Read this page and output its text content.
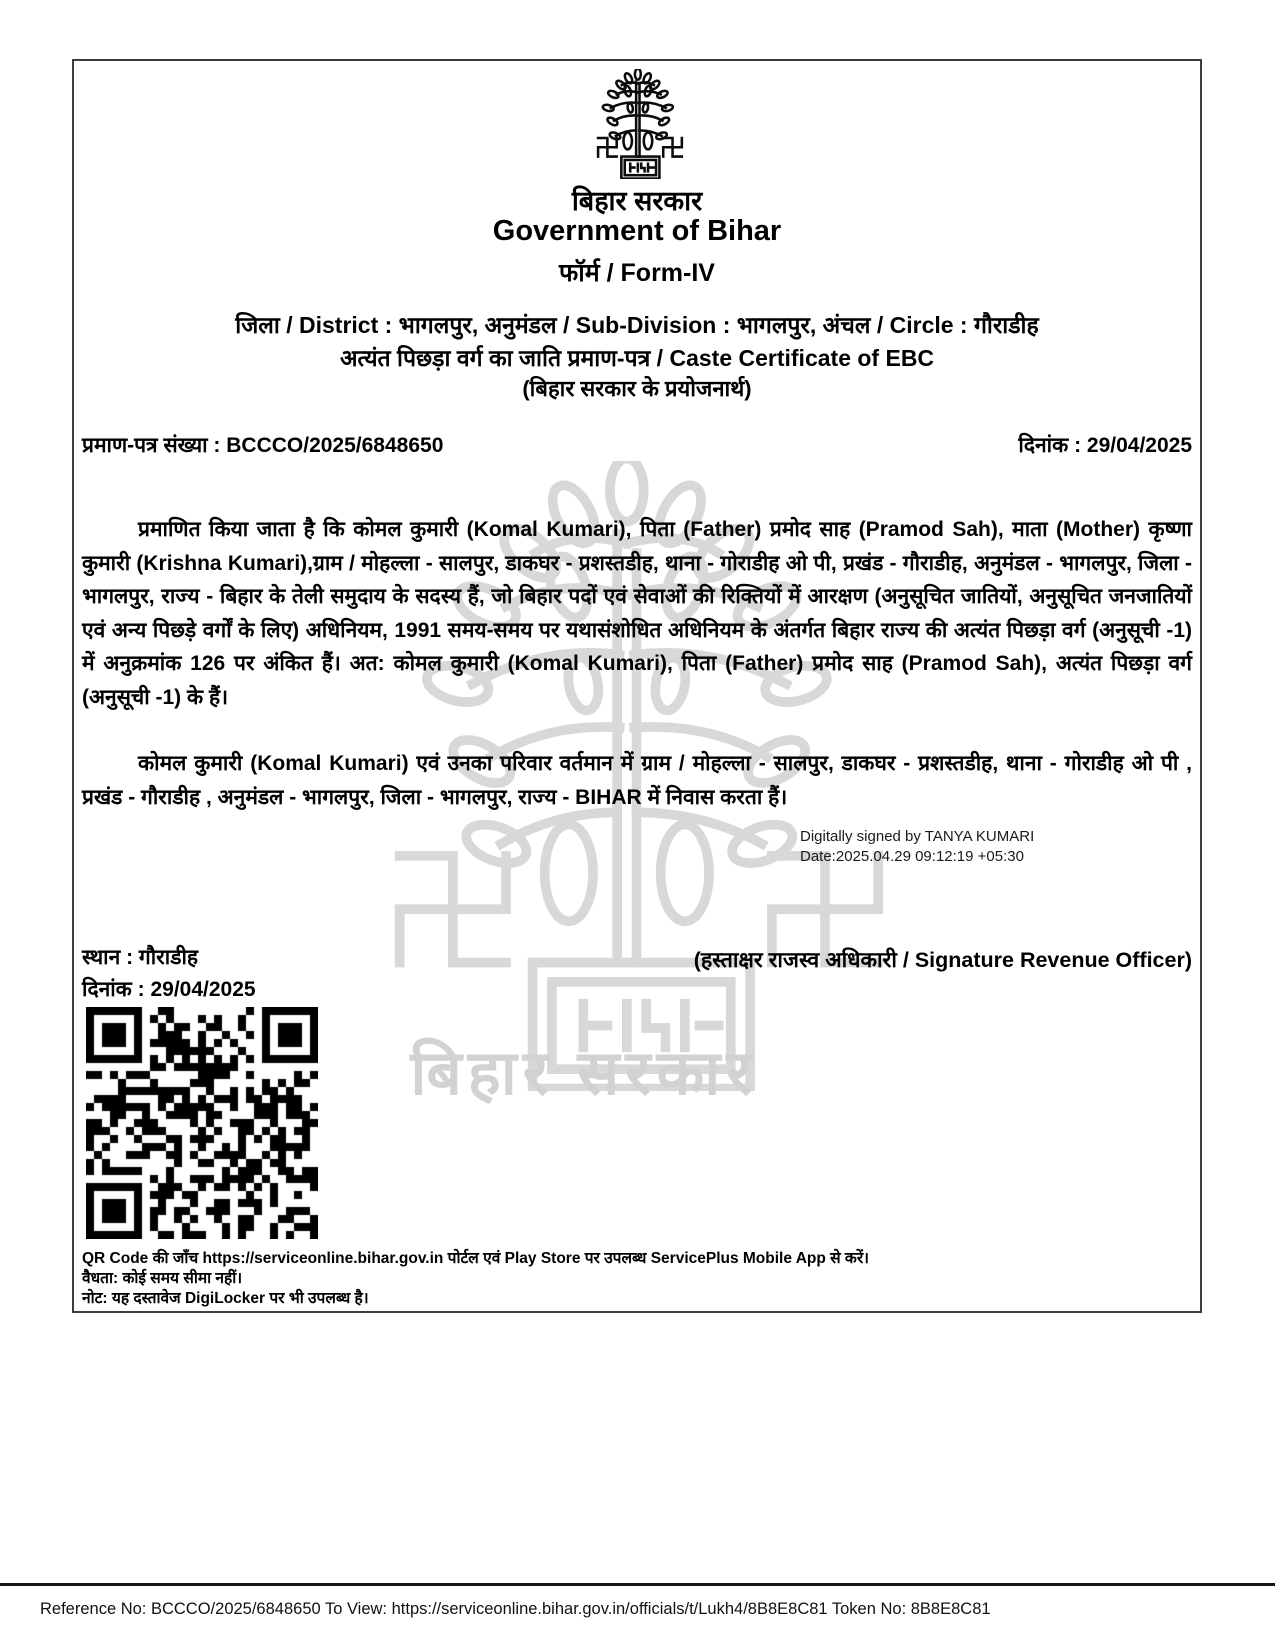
बिहार सरकार
बिहार सरकार
Government of Bihar
फॉर्म / Form-IV
जिला / District : भागलपुर, अनुमंडल / Sub-Division : भागलपुर, अंचल / Circle : गौराडीह
अत्यंत पिछड़ा वर्ग का जाति प्रमाण-पत्र / Caste Certificate of EBC
(बिहार सरकार के प्रयोजनार्थ)
प्रमाण-पत्र संख्या : BCCCO/2025/6848650	दिनांक : 29/04/2025
प्रमाणित किया जाता है कि कोमल कुमारी (Komal Kumari), पिता (Father) प्रमोद साह (Pramod Sah), माता (Mother) कृष्णा कुमारी (Krishna Kumari),ग्राम / मोहल्ला - सालपुर, डाकघर - प्रशस्तडीह, थाना - गोराडीह ओ पी, प्रखंड - गौराडीह, अनुमंडल - भागलपुर, जिला - भागलपुर, राज्य - बिहार के तेली समुदाय के सदस्य हैं, जो बिहार पदों एवं सेवाओं की रिक्तियों में आरक्षण (अनुसूचित जातियों, अनुसूचित जनजातियों एवं अन्य पिछड़े वर्गों के लिए) अधिनियम, 1991 समय-समय पर यथासंशोधित अधिनियम के अंतर्गत बिहार राज्य की अत्यंत पिछड़ा वर्ग (अनुसूची -1) में अनुक्रमांक 126 पर अंकित हैं। अत: कोमल कुमारी (Komal Kumari), पिता (Father) प्रमोद साह (Pramod Sah), अत्यंत पिछड़ा वर्ग (अनुसूची -1) के हैं।
कोमल कुमारी (Komal Kumari) एवं उनका परिवार वर्तमान में ग्राम / मोहल्ला - सालपुर, डाकघर - प्रशस्तडीह, थाना - गोराडीह ओ पी , प्रखंड - गौराडीह , अनुमंडल - भागलपुर, जिला - भागलपुर, राज्य - BIHAR में निवास करता हैं।
Digitally signed by TANYA KUMARI
Date:2025.04.29 09:12:19 +05:30
स्थान : गौराडीह	(हस्ताक्षर राजस्व अधिकारी / Signature Revenue Officer)
दिनांक : 29/04/2025
QR Code की जाँच https://serviceonline.bihar.gov.in पोर्टल एवं Play Store पर उपलब्ध ServicePlus Mobile App से करें।
वैधता: कोई समय सीमा नहीं।
नोट: यह दस्तावेज DigiLocker पर भी उपलब्ध है।
Reference No: BCCCO/2025/6848650 To View: https://serviceonline.bihar.gov.in/officials/t/Lukh4/8B8E8C81 Token No: 8B8E8C81
